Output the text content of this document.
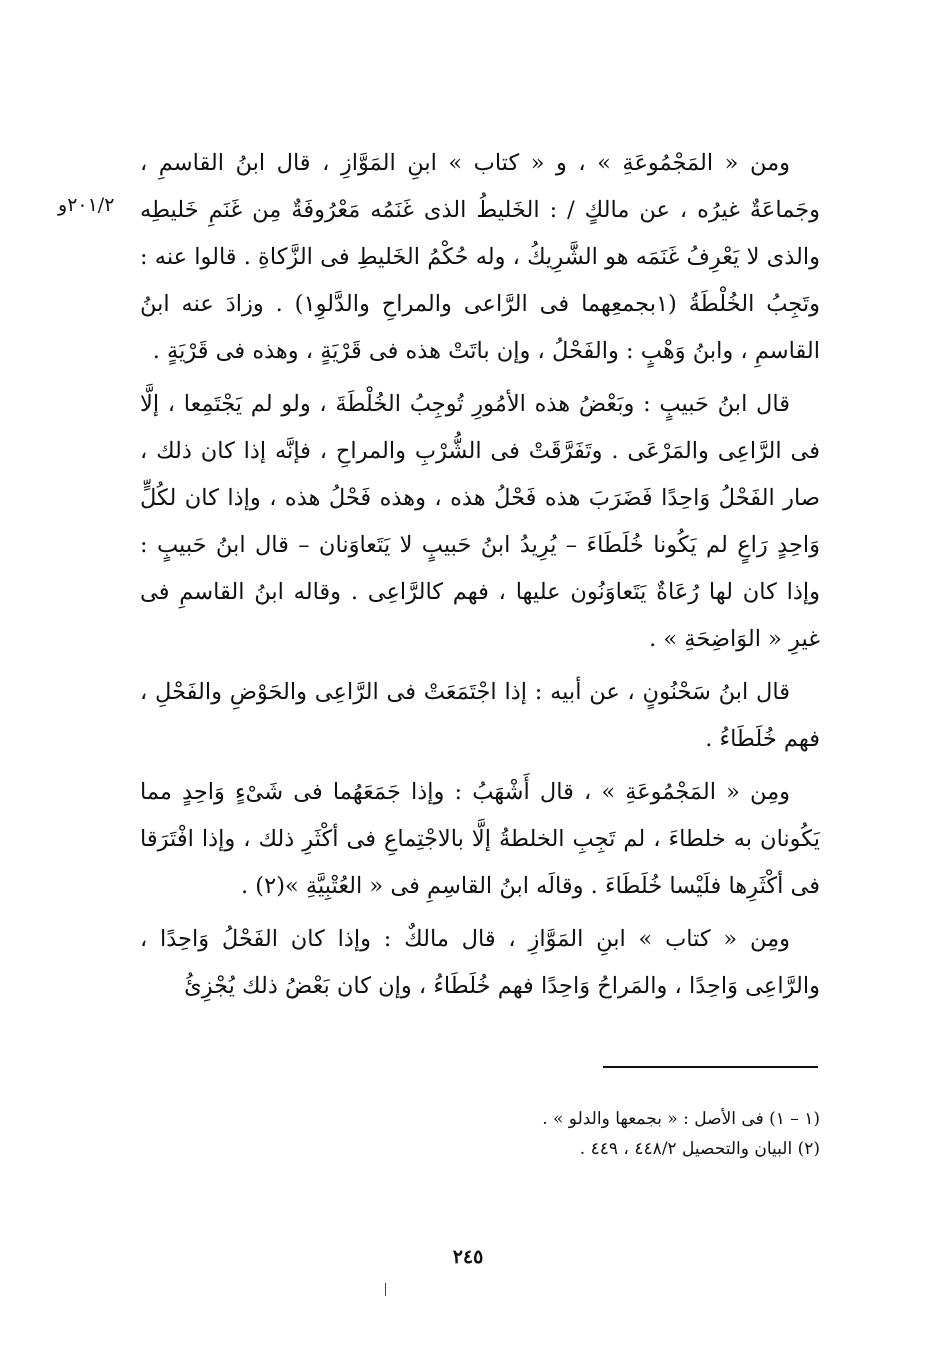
٢٠١/٢و

ومن « المَجْمُوعَةِ » ، و « كتاب » ابنِ المَوَّازِ ، قال ابنُ القاسمِ ، وجَماعَةٌ غيرُه ، عن مالكٍ / : الخَليطُ الذى غَنَمُه مَعْرُوفَةٌ مِن غَنَمِ خَليطِه والذى لا يَعْرِفُ غَنَمَه هو الشَّرِيكُ ، وله حُكْمُ الخَليطِ فى الزَّكاةِ . قالوا عنه : وتَجِبُ الخُلْطَةُ (١بجمعِهما فى الرَّاعى والمراحِ والدَّلوِ١) . وزادَ عنه ابنُ القاسمِ ، وابنُ وَهْبٍ : والفَحْلُ ، وإن باتَتْ هذه فى قَرْيَةٍ ، وهذه فى قَرْيَةٍ .

قال ابنُ حَبيبٍ : وبَعْضُ هذه الأمُورِ تُوجِبُ الخُلْطَةَ ، ولو لم يَجْتَمِعا ، إلَّا فى الرَّاعِى والمَرْعَى . وتَفَرَّقَتْ فى الشُّرْبِ والمراحِ ، فإنَّه إذا كان ذلك ، صار الفَحْلُ وَاحِدًا فَضَرَبَ هذه فَحْلُ هذه ، وهذه فَحْلُ هذه ، وإذا كان لكُلٍّ وَاحِدٍ رَاعٍ لم يَكُونا خُلَطَاءَ – يُرِيدُ ابنُ حَبيبٍ لا يَتَعاوَنان – قال ابنُ حَبيبٍ : وإذا كان لها رُعَاةٌ يَتَعاوَنُون عليها ، فهم كالرَّاعِى . وقاله ابنُ القاسمِ فى غيرِ « الوَاضِحَةِ » .

قال ابنُ سَحْنُونٍ ، عن أبيه : إذا اجْتَمَعَتْ فى الرَّاعِى والحَوْضِ والفَحْلِ ، فهم خُلَطَاءُ .

ومِن « المَجْمُوعَةِ » ، قال أَشْهَبُ : وإذا جَمَعَهُما فى شَىْءٍ وَاحِدٍ مما يَكُونان به خلطاءَ ، لم تَجِبِ الخلطةُ إلَّا بالاجْتِماعِ فى أكْثَرِ ذلك ، وإذا افْتَرَقا فى أكْثَرِها فلَيْسا خُلَطَاءَ . وقالَه ابنُ القاسِمِ فى « العُتْبِيَّةِ »(٢) .

ومِن « كتاب » ابنِ المَوَّازِ ، قال مالكٌ : وإذا كان الفَحْلُ وَاحِدًا ، والرَّاعِى وَاحِدًا ، والمَراحُ وَاحِدًا فهم خُلَطَاءُ ، وإن كان بَعْضُ ذلك يُجْزِئُ

(١ – ١) فى الأصل : « بجمعها والدلو » .

(٢) البيان والتحصيل ٤٤٨/٢ ، ٤٤٩ .

٢٤٥
